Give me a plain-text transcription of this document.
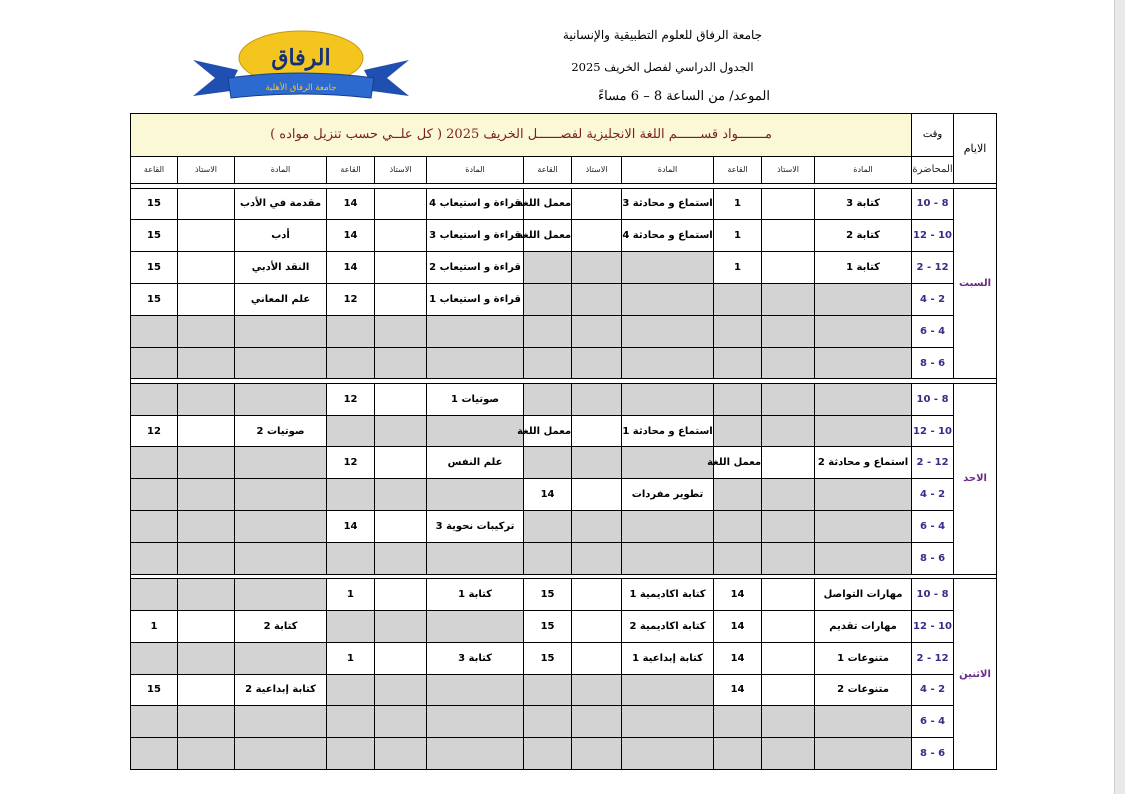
الرفاق
جامعة الرفاق الأهلية
جامعة الرفاق للعلوم التطبيقية والإنسانية
الجدول الدراسي لفصل الخريف 2025
الموعد/ من الساعة 8 – 6 مساءً
الايام	وقت	مـــــــواد قســــــم اللغة الانجليزية لفصــــــل الخريف 2025 ( كل علــي حسب تنزيل مواده )											
	المحاضرة	المادة	الاستاذ	القاعة	المادة	الاستاذ	القاعة	المادة	الاستاذ	القاعة	المادة	الاستاذ	القاعة

السبت	8 - 10	كتابة 3		1	استماع و محادثة 3		معمل اللغة	قراءة و استيعاب 4		14	مقدمة في الأدب		15
	10 - 12	كتابة 2		1	استماع و محادثة 4		معمل اللغة	قراءة و استيعاب 3		14	أدب		15
	12 - 2	كتابة 1		1				قراءة و استيعاب 2		14	النقد الأدبي		15
	2 - 4							قراءة و استيعاب 1		12	علم المعاني		15
	4 - 6												
	6 - 8												

الاحد	8 - 10							صوتيات 1		12			
	10 - 12				استماع و محادثة 1		معمل اللغة				صوتيات 2		12
	12 - 2	استماع و محادثة 2		معمل اللغة				علم النفس		12			
	2 - 4				تطوير مفردات		14						
	4 - 6							تركيبات نحوية 3		14			
	6 - 8												

الاثنين	8 - 10	مهارات التواصل		14	كتابة اكاديمية 1		15	كتابة 1		1			
	10 - 12	مهارات تقديم		14	كتابة اكاديمية 2		15				كتابة 2		1
	12 - 2	متنوعات 1		14	كتابة إبداعية 1		15	كتابة 3		1			
	2 - 4	متنوعات 2		14							كتابة إبداعية 2		15
	4 - 6												
	6 - 8												
